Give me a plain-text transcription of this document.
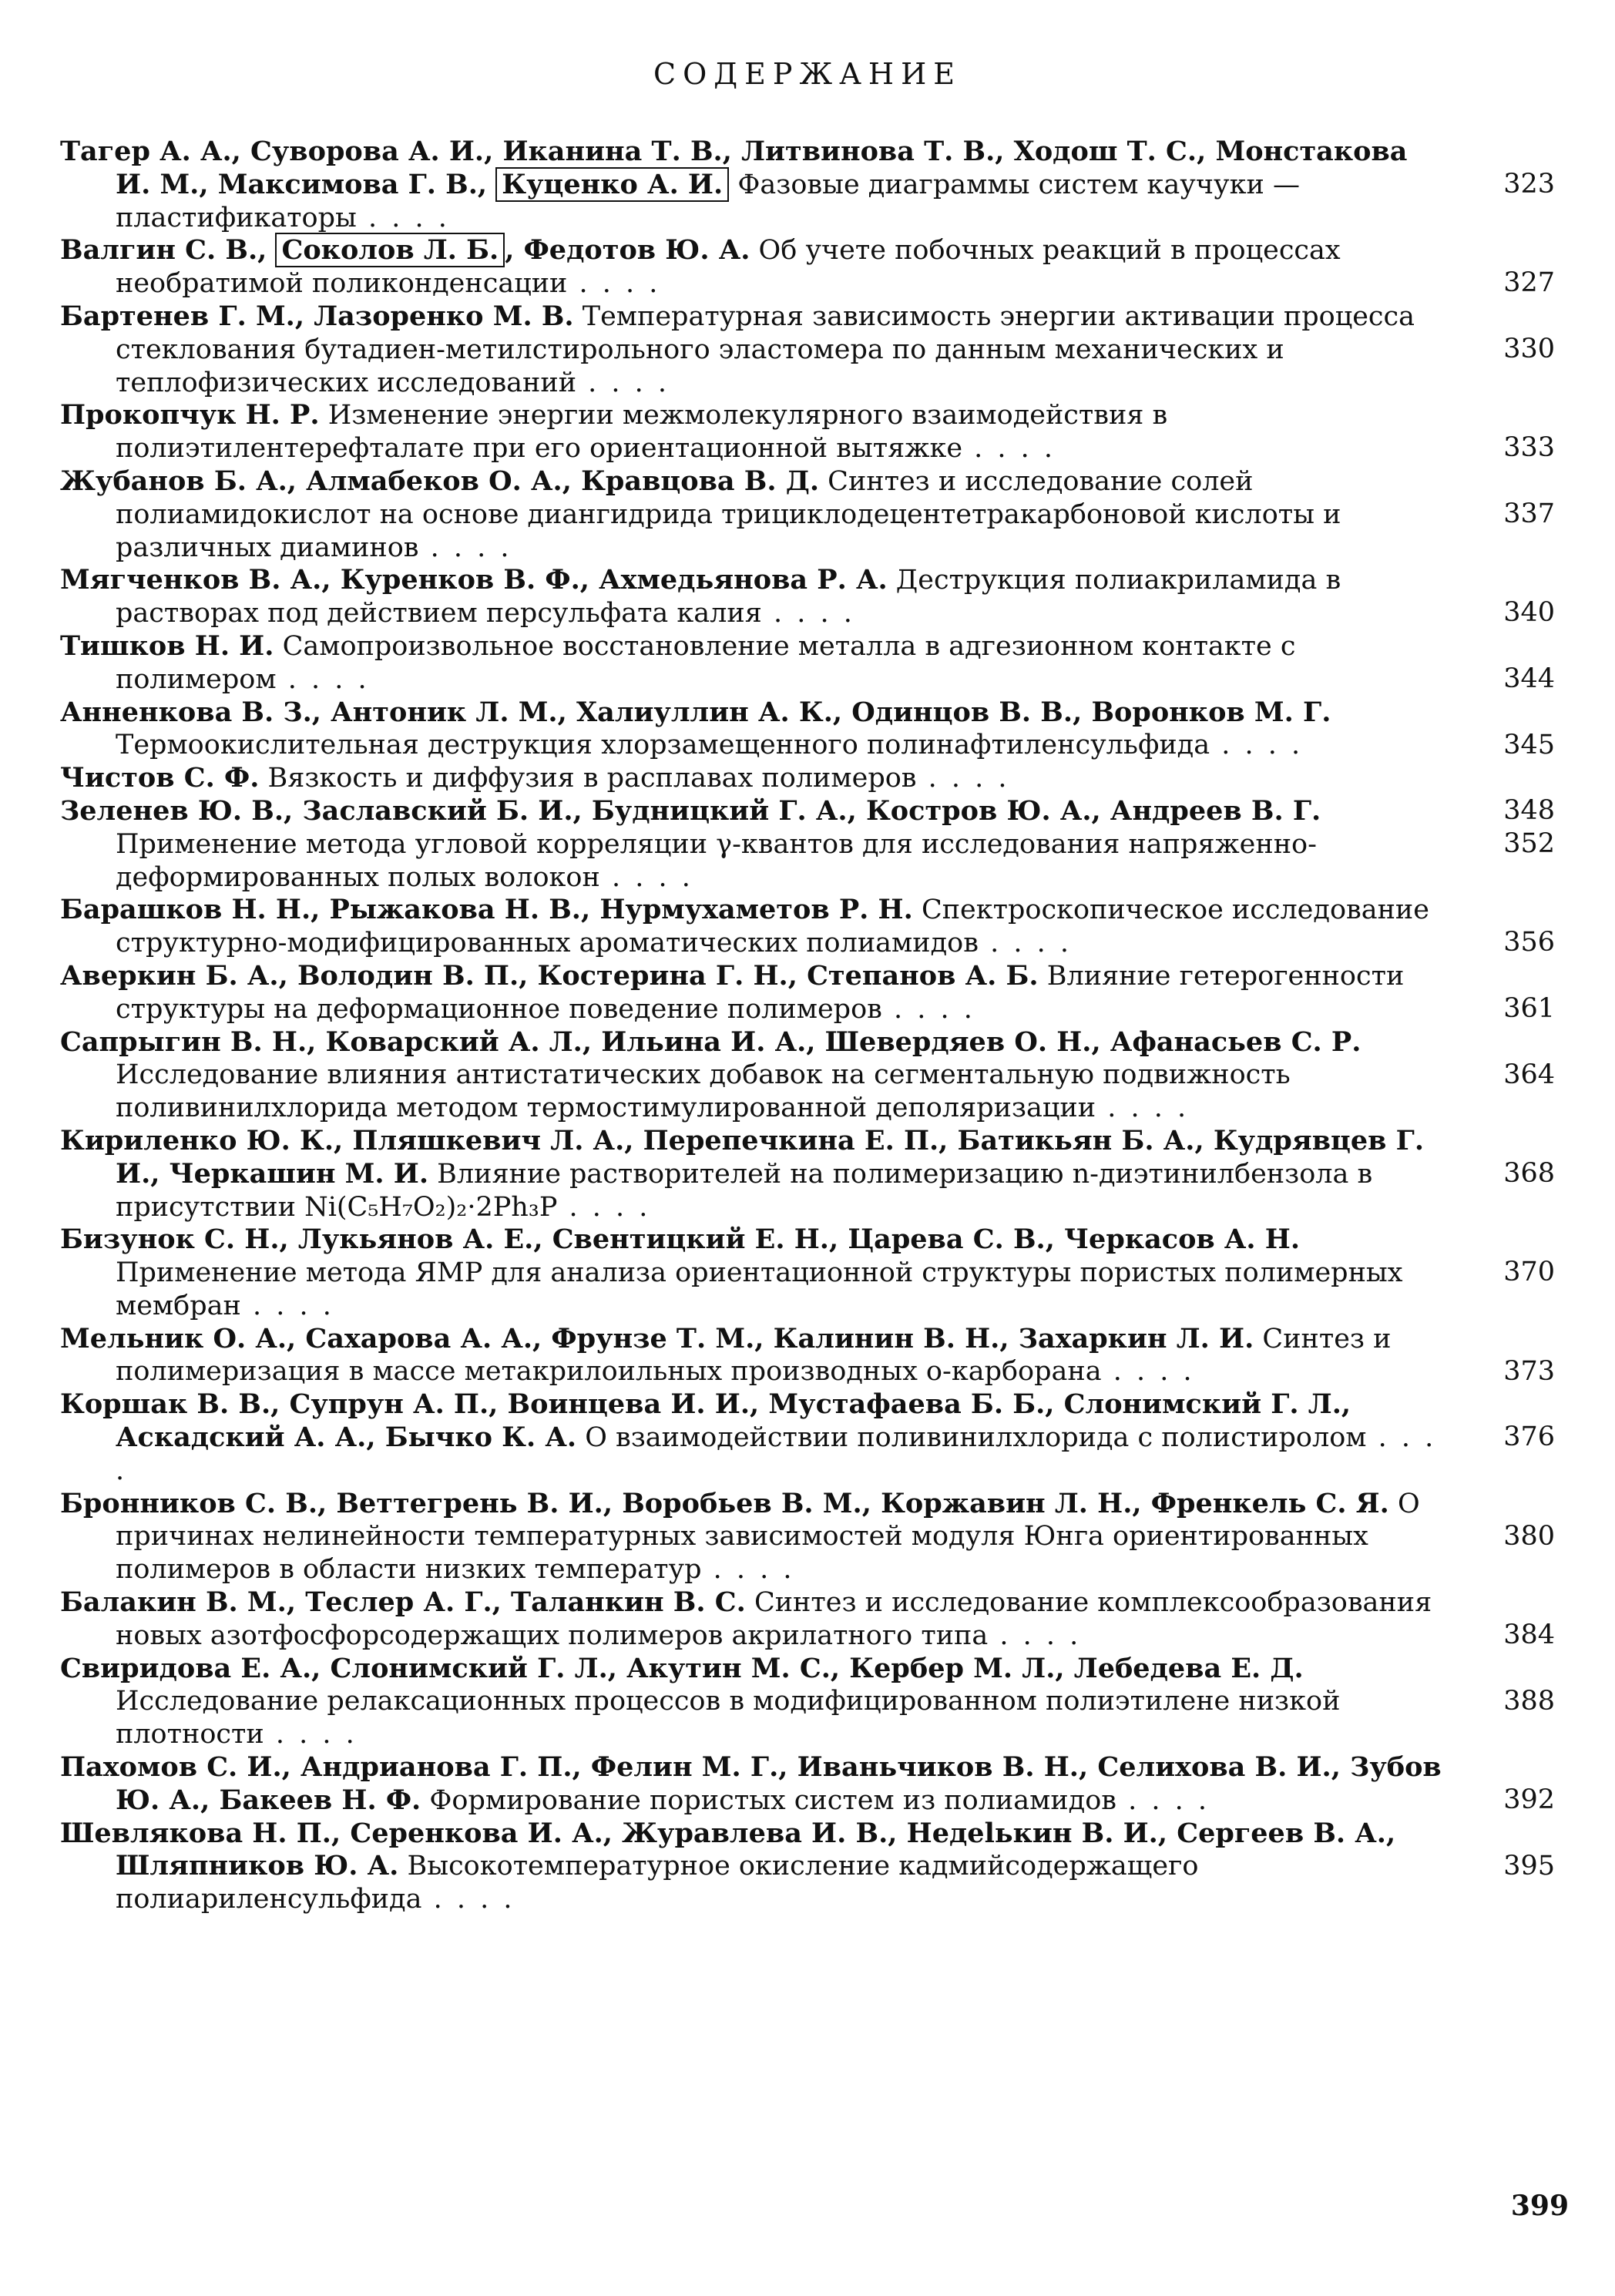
СОДЕРЖАНИЕ
Тагер А. А., Суворова А. И., Иканина Т. В., Литвинова Т. В., Ходош Т. С., Монстакова И. М., Максимова Г. В., Куценко А. И. Фазовые диаграммы систем каучуки — пластификаторы . . . .
323
Валгин С. В., Соколов Л. Б. , Федотов Ю. А. Об учете побочных реакций в процессах необратимой поликонденсации . . . .	327
Бартенев Г. М., Лазоренко М. В. Температурная зависимость энергии активации процесса стеклования бутадиен-метилстирольного эластомера по данным механических и теплофизических исследований . . . .
330
Прокопчук Н. Р. Изменение энергии межмолекулярного взаимодействия в полиэтилентерефталате при его ориентационной вытяжке . . . .	333
Жубанов Б. А., Алмабеков О. А., Кравцова В. Д. Синтез и исследование солей полиамидокислот на основе диангидрида трициклодецентетракарбоновой кислоты и различных диаминов . . . .
337
Мягченков В. А., Куренков В. Ф., Ахмедьянова Р. А. Деструкция полиакриламида в растворах под действием персульфата калия . . . .	340
Тишков Н. И. Самопроизвольное восстановление металла в адгезионном контакте с полимером . . . .	344
Анненкова В. З., Антоник Л. М., Халиуллин А. К., Одинцов В. В., Воронков М. Г. Термоокислительная деструкция хлорзамещенного полинафтиленсульфида . . . .	345
Чистов С. Ф. Вязкость и диффузия в расплавах полимеров . . . .
348
Зеленев Ю. В., Заславский Б. И., Будницкий Г. А., Костров Ю. А., Андреев В. Г. Применение метода угловой корреляции γ-квантов для исследования напряженно-деформированных полых волокон . . . .
352
Барашков Н. Н., Рыжакова Н. В., Нурмухаметов Р. Н. Спектроскопическое исследование структурно-модифицированных ароматических полиамидов . . . .	356
Аверкин Б. А., Володин В. П., Костерина Г. Н., Степанов А. Б. Влияние гетерогенности структуры на деформационное поведение полимеров . . . .	361
Сапрыгин В. Н., Коварский А. Л., Ильина И. А., Шевердяев О. Н., Афанасьев С. Р. Исследование влияния антистатических добавок на сегментальную подвижность поливинилхлорида методом термостимулированной деполяризации . . . .
364
Кириленко Ю. К., Пляшкевич Л. А., Перепечкина Е. П., Батикьян Б. А., Кудрявцев Г. И., Черкашин М. И. Влияние растворителей на полимеризацию n-диэтинилбензола в присутствии Ni(C₅H₇O₂)₂·2Ph₃P . . . .
368
Бизунок С. Н., Лукьянов А. Е., Свентицкий Е. Н., Царева С. В., Черкасов А. Н. Применение метода ЯМР для анализа ориентационной структуры пористых полимерных мембран . . . .
370
Мельник О. А., Сахарова А. А., Фрунзе Т. М., Калинин В. Н., Захаркин Л. И. Синтез и полимеризация в массе метакрилоильных производных о-карборана . . . .	373
Коршак В. В., Супрун А. П., Воинцева И. И., Мустафаева Б. Б., Слонимский Г. Л., Аскадский А. А., Бычко К. А. О взаимодействии поливинилхлорида с полистиролом . . . .
376
Бронников С. В., Веттегрень В. И., Воробьев В. М., Коржавин Л. Н., Френкель С. Я. О причинах нелинейности температурных зависимостей модуля Юнга ориентированных полимеров в области низких температур . . . .
380
Балакин В. М., Теслер А. Г., Таланкин В. С. Синтез и исследование комплексообразования новых азотфосфорсодержащих полимеров акрилатного типа . . . .	384
Свиридова Е. А., Слонимский Г. Л., Акутин М. С., Кербер М. Л., Лебедева Е. Д. Исследование релаксационных процессов в модифицированном полиэтилене низкой плотности . . . .
388
Пахомов С. И., Андрианова Г. П., Фелин М. Г., Иваньчиков В. Н., Селихова В. И., Зубов Ю. А., Бакеев Н. Ф. Формирование пористых систем из полиамидов . . . .	392
Шевлякова Н. П., Серенкова И. А., Журавлева И. В., Недelькин В. И., Сергеев В. А., Шляпников Ю. А. Высокотемпературное окисление кадмийсодержащего полиариленсульфида . . . .
395
399
